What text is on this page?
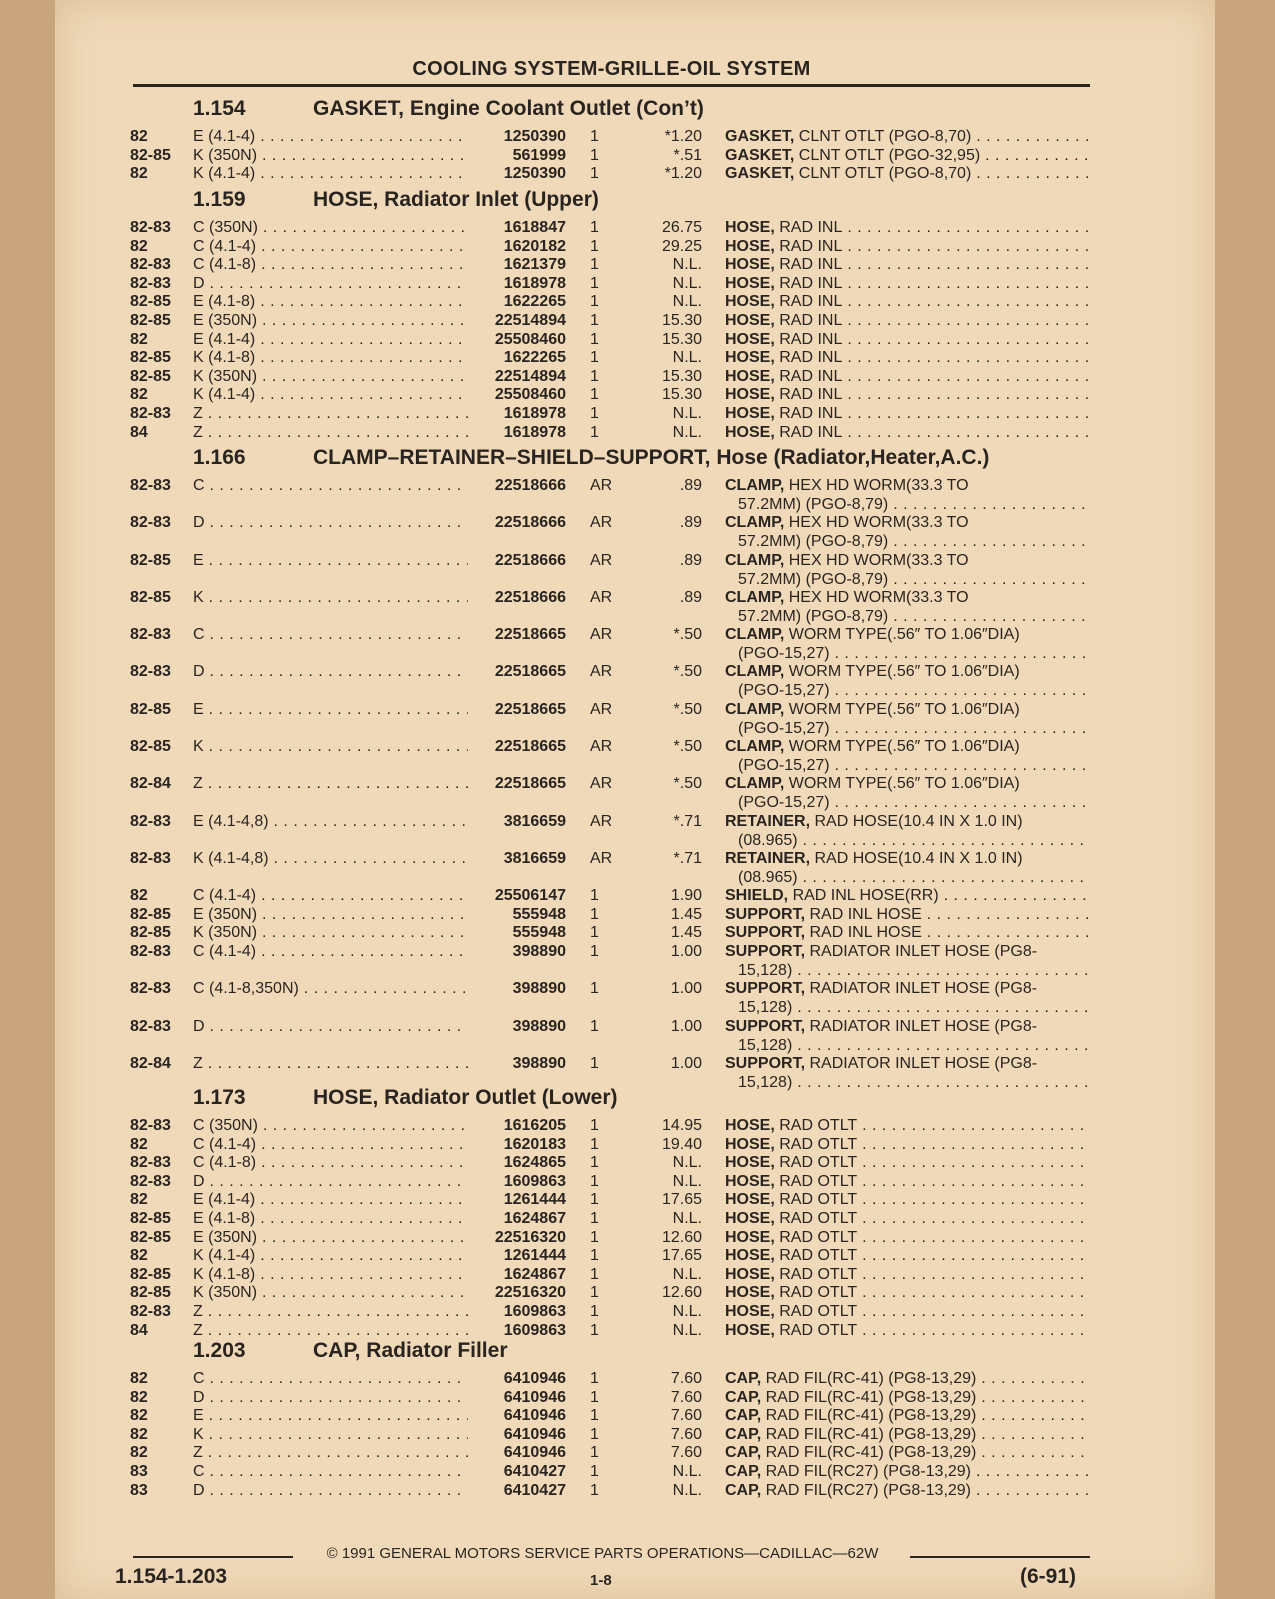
COOLING SYSTEM-GRILLE-OIL SYSTEM
1.154	GASKET, Engine Coolant Outlet (Con’t)
82	E (4.1-4) . . .	1250390 1	*1.20 GASKET, CLNT OTLT (PGO-8,70) . . .
82-85 K (350N) . . .	561999 1	*.51 GASKET, CLNT OTLT (PGO-32,95) . . .
82	K (4.1-4) . . .	1250390 1	*1.20 GASKET, CLNT OTLT (PGO-8,70) . . .
1.159	HOSE, Radiator Inlet (Upper)
82-83 C (350N) . . .	1618847 1	26.75 HOSE, RAD INL . . .
82	C (4.1-4) . . .	1620182 1	29.25 HOSE, RAD INL . . .
82-83 C (4.1-8) . . .	1621379 1	N.L. HOSE, RAD INL . . .
82-83 D . . .	1618978 1	N.L. HOSE, RAD INL . . .
82-85 E (4.1-8) . . .	1622265 1	N.L. HOSE, RAD INL . . .
82-85 E (350N) . . .	22514894 1	15.30 HOSE, RAD INL . . .
82	E (4.1-4) . . .	25508460 1	15.30 HOSE, RAD INL . . .
82-85 K (4.1-8) . . .	1622265 1	N.L. HOSE, RAD INL . . .
82-85 K (350N) . . .	22514894 1	15.30 HOSE, RAD INL . . .
82	K (4.1-4) . . .	25508460 1	15.30 HOSE, RAD INL . . .
82-83 Z . . .	1618978 1	N.L. HOSE, RAD INL . . .
84	Z . . .	1618978 1	N.L. HOSE, RAD INL . . .
1.166	CLAMP–RETAINER–SHIELD–SUPPORT, Hose (Radiator,Heater,A.C.)
82-83 C . . .	22518666 AR	.89 CLAMP, HEX HD WORM(33.3 TO
57.2MM) (PGO-8,79) . . .
82-83 D . . .	22518666 AR	.89 CLAMP, HEX HD WORM(33.3 TO
57.2MM) (PGO-8,79) . . .
82-85 E . . .	22518666 AR	.89 CLAMP, HEX HD WORM(33.3 TO
57.2MM) (PGO-8,79) . . .
82-85 K . . .	22518666 AR	.89 CLAMP, HEX HD WORM(33.3 TO
57.2MM) (PGO-8,79) . . .
82-83 C . . .	22518665 AR	*.50 CLAMP, WORM TYPE(.56″ TO 1.06″DIA)
(PGO-15,27) . . .
82-83 D . . .	22518665 AR	*.50 CLAMP, WORM TYPE(.56″ TO 1.06″DIA)
(PGO-15,27) . . .
82-85 E . . .	22518665 AR	*.50 CLAMP, WORM TYPE(.56″ TO 1.06″DIA)
(PGO-15,27) . . .
82-85 K . . .	22518665 AR	*.50 CLAMP, WORM TYPE(.56″ TO 1.06″DIA)
(PGO-15,27) . . .
82-84 Z . . .	22518665 AR	*.50 CLAMP, WORM TYPE(.56″ TO 1.06″DIA)
(PGO-15,27) . . .
82-83 E (4.1-4,8) . . .	3816659 AR	*.71 RETAINER, RAD HOSE(10.4 IN X 1.0 IN)
(08.965) . . .
82-83 K (4.1-4,8) . . .	3816659 AR	*.71 RETAINER, RAD HOSE(10.4 IN X 1.0 IN)
(08.965) . . .
82	C (4.1-4) . . .	25506147 1	1.90 SHIELD, RAD INL HOSE(RR) . . .
82-85 E (350N) . . .	555948 1	1.45 SUPPORT, RAD INL HOSE . . .
82-85 K (350N) . . .	555948 1	1.45 SUPPORT, RAD INL HOSE . . .
82-83 C (4.1-4) . . .	398890 1	1.00 SUPPORT, RADIATOR INLET HOSE (PG8-
15,128) . . .
82-83 C (4.1-8,350N) . . .	398890 1	1.00 SUPPORT, RADIATOR INLET HOSE (PG8-
15,128) . . .
82-83 D . . .	398890 1	1.00 SUPPORT, RADIATOR INLET HOSE (PG8-
15,128) . . .
82-84 Z . . .	398890 1	1.00 SUPPORT, RADIATOR INLET HOSE (PG8-
15,128) . . .
1.173	HOSE, Radiator Outlet (Lower)
82-83 C (350N) . . .	1616205 1	14.95 HOSE, RAD OTLT . . .
82	C (4.1-4) . . .	1620183 1	19.40 HOSE, RAD OTLT . . .
82-83 C (4.1-8) . . .	1624865 1	N.L. HOSE, RAD OTLT . . .
82-83 D . . .	1609863 1	N.L. HOSE, RAD OTLT . . .
82	E (4.1-4) . . .	1261444 1	17.65 HOSE, RAD OTLT . . .
82-85 E (4.1-8) . . .	1624867 1	N.L. HOSE, RAD OTLT . . .
82-85 E (350N) . . .	22516320 1	12.60 HOSE, RAD OTLT . . .
82	K (4.1-4) . . .	1261444 1	17.65 HOSE, RAD OTLT . . .
82-85 K (4.1-8) . . .	1624867 1	N.L. HOSE, RAD OTLT . . .
82-85 K (350N) . . .	22516320 1	12.60 HOSE, RAD OTLT . . .
82-83 Z . . .	1609863 1	N.L. HOSE, RAD OTLT . . .
84	Z . . .	1609863 1	N.L. HOSE, RAD OTLT . . .
1.203	CAP, Radiator Filler
82	C . . .	6410946 1	7.60 CAP, RAD FIL(RC-41) (PG8-13,29) . . .
82	D . . .	6410946 1	7.60 CAP, RAD FIL(RC-41) (PG8-13,29) . . .
82	E . . .	6410946 1	7.60 CAP, RAD FIL(RC-41) (PG8-13,29) . . .
82	K . . .	6410946 1	7.60 CAP, RAD FIL(RC-41) (PG8-13,29) . . .
82	Z . . .	6410946 1	7.60 CAP, RAD FIL(RC-41) (PG8-13,29) . . .
83	C . . .	6410427 1	N.L. CAP, RAD FIL(RC27) (PG8-13,29) . . .
83	D . . .	6410427 1	N.L. CAP, RAD FIL(RC27) (PG8-13,29) . . .
© 1991 GENERAL MOTORS SERVICE PARTS OPERATIONS—CADILLAC—62W
1.154-1.203	1-8	(6-91)
